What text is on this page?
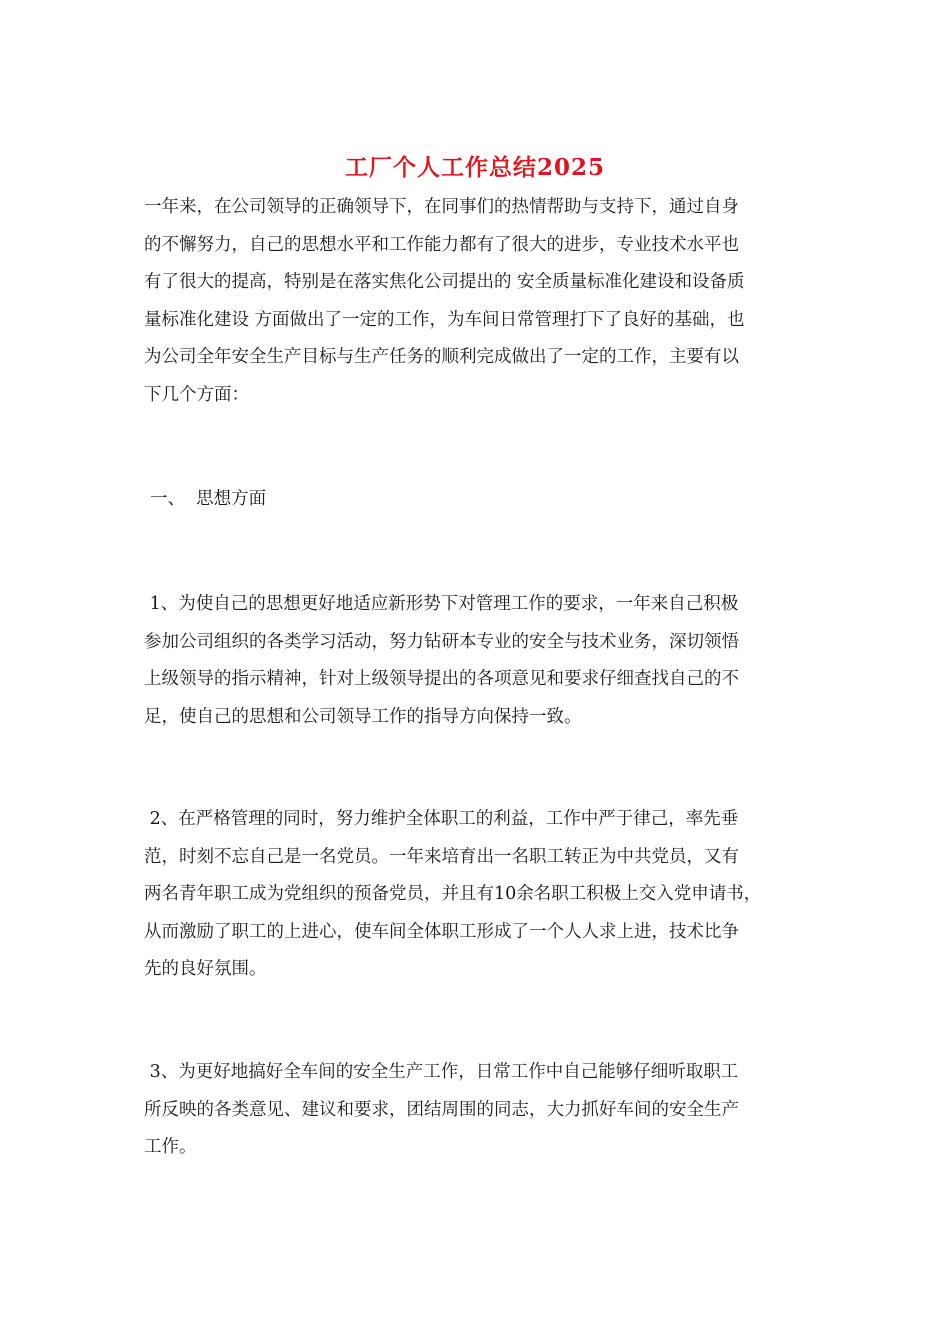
工厂个人工作总结2025
一年来，在公司领导的正确领导下，在同事们的热情帮助与支持下，通过自身
的不懈努力，自己的思想水平和工作能力都有了很大的进步，专业技术水平也
有了很大的提高，特别是在落实焦化公司提出的 安全质量标准化建设和设备质
量标准化建设 方面做出了一定的工作，为车间日常管理打下了良好的基础，也
为公司全年安全生产目标与生产任务的顺利完成做出了一定的工作，主要有以
下几个方面：
一、  思想方面
1、为使自己的思想更好地适应新形势下对管理工作的要求，一年来自己积极
参加公司组织的各类学习活动，努力钻研本专业的安全与技术业务，深切领悟
上级领导的指示精神，针对上级领导提出的各项意见和要求仔细查找自己的不
足，使自己的思想和公司领导工作的指导方向保持一致。
2、在严格管理的同时，努力维护全体职工的利益，工作中严于律己，率先垂
范，时刻不忘自己是一名党员。一年来培育出一名职工转正为中共党员，又有
两名青年职工成为党组织的预备党员，并且有10余名职工积极上交入党申请书，
从而激励了职工的上进心，使车间全体职工形成了一个人人求上进，技术比争
先的良好氛围。
3、为更好地搞好全车间的安全生产工作，日常工作中自己能够仔细听取职工
所反映的各类意见、建议和要求，团结周围的同志，大力抓好车间的安全生产
工作。
